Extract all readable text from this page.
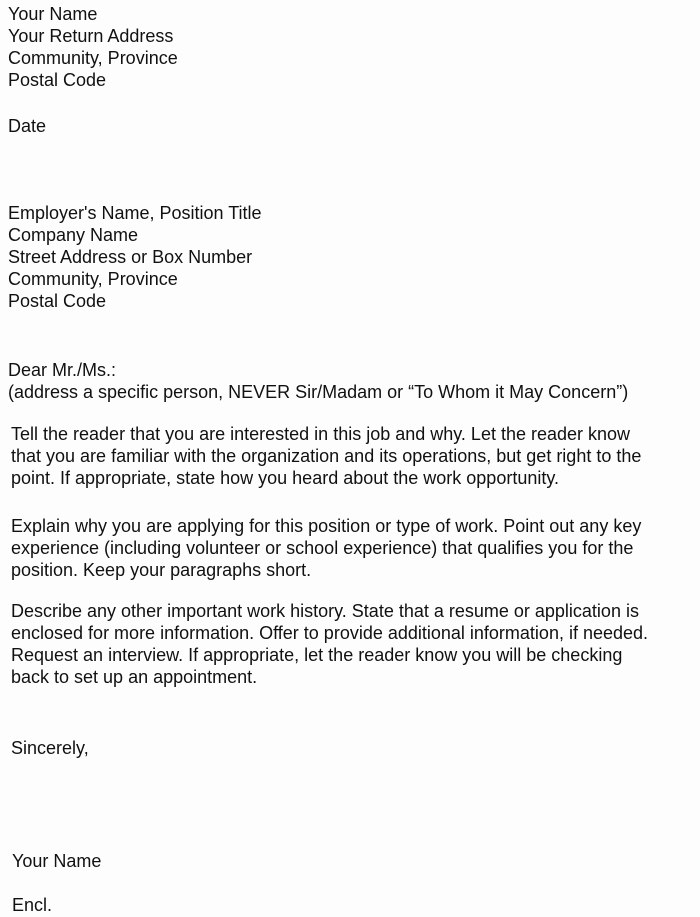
Your Name
Your Return Address
Community, Province
Postal Code
Date
Employer's Name, Position Title
Company Name
Street Address or Box Number
Community, Province
Postal Code
Dear Mr./Ms.:
(address a specific person, NEVER Sir/Madam or “To Whom it May Concern”)
Tell the reader that you are interested in this job and why. Let the reader know
that you are familiar with the organization and its operations, but get right to the
point. If appropriate, state how you heard about the work opportunity.
Explain why you are applying for this position or type of work. Point out any key
experience (including volunteer or school experience) that qualifies you for the
position. Keep your paragraphs short.
Describe any other important work history. State that a resume or application is
enclosed for more information. Offer to provide additional information, if needed.
Request an interview. If appropriate, let the reader know you will be checking
back to set up an appointment.
Sincerely,
Your Name
Encl.
